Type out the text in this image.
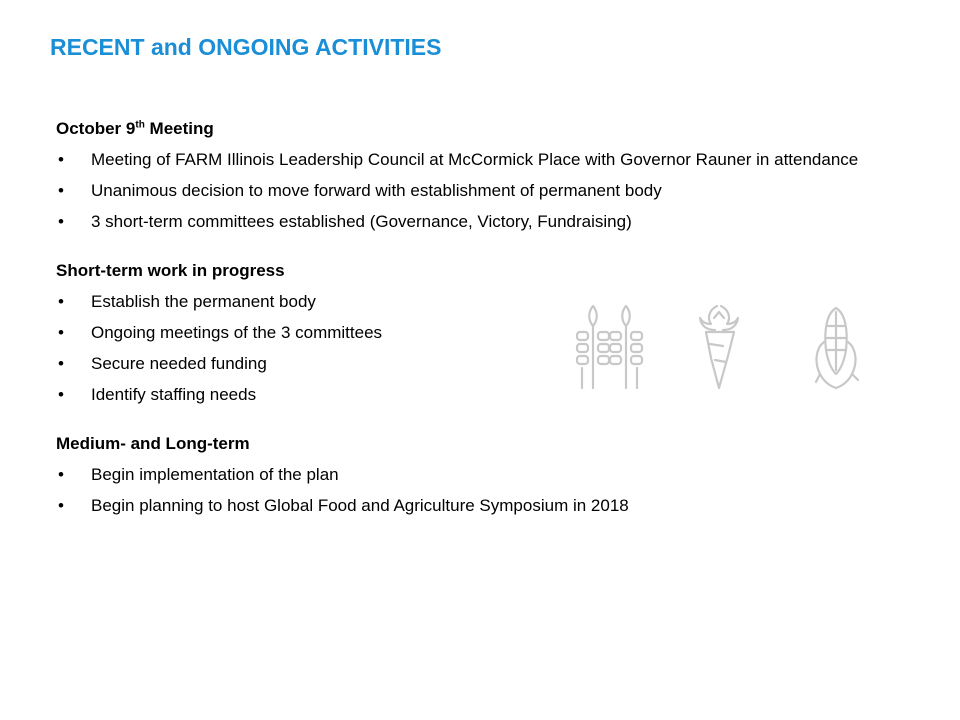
RECENT and ONGOING ACTIVITIES
October 9th Meeting
• Meeting of FARM Illinois Leadership Council at McCormick Place with Governor Rauner in attendance
• Unanimous decision to move forward with establishment of permanent body
• 3 short-term committees established (Governance, Victory, Fundraising)
Short-term work in progress
• Establish the permanent body
• Ongoing meetings of the 3 committees
• Secure needed funding
• Identify staffing needs
Medium- and Long-term
• Begin implementation of the plan
• Begin planning to host Global Food and Agriculture Symposium in 2018
